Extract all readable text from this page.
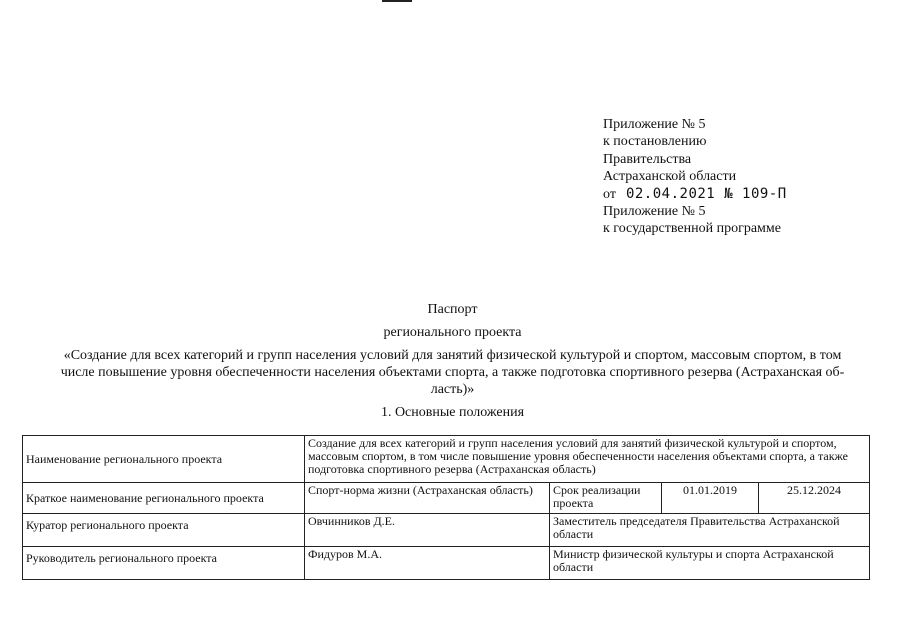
Приложение № 5
к постановлению
Правительства
Астраханской области
от 02.04.2021 № 109-П
Приложение № 5
к государственной программе
Паспорт
регионального проекта
«Создание для всех категорий и групп населения условий для занятий физической культурой и спортом, массовым спортом, в том
числе повышение уровня обеспеченности населения объектами спорта, а также подготовка спортивного резерва (Астраханская об-
ласть)»
1. Основные положения
Наименование регионального проекта	Создание для всех категорий и групп населения условий для занятий физической культурой и спортом, массовым спортом, в том числе повышение уровня обеспеченности населения объектами спорта, а также подготовка спортивного резерва (Астраханская область)			
Краткое наименование регионального проекта	Спорт-норма жизни (Астраханская область)	Срок реализации проекта	01.01.2019	25.12.2024
Куратор регионального проекта	Овчинников Д.Е.	Заместитель председателя Правительства Астраханской области		
Руководитель регионального проекта	Фидуров М.А.	Министр физической культуры и спорта Астраханской области		
